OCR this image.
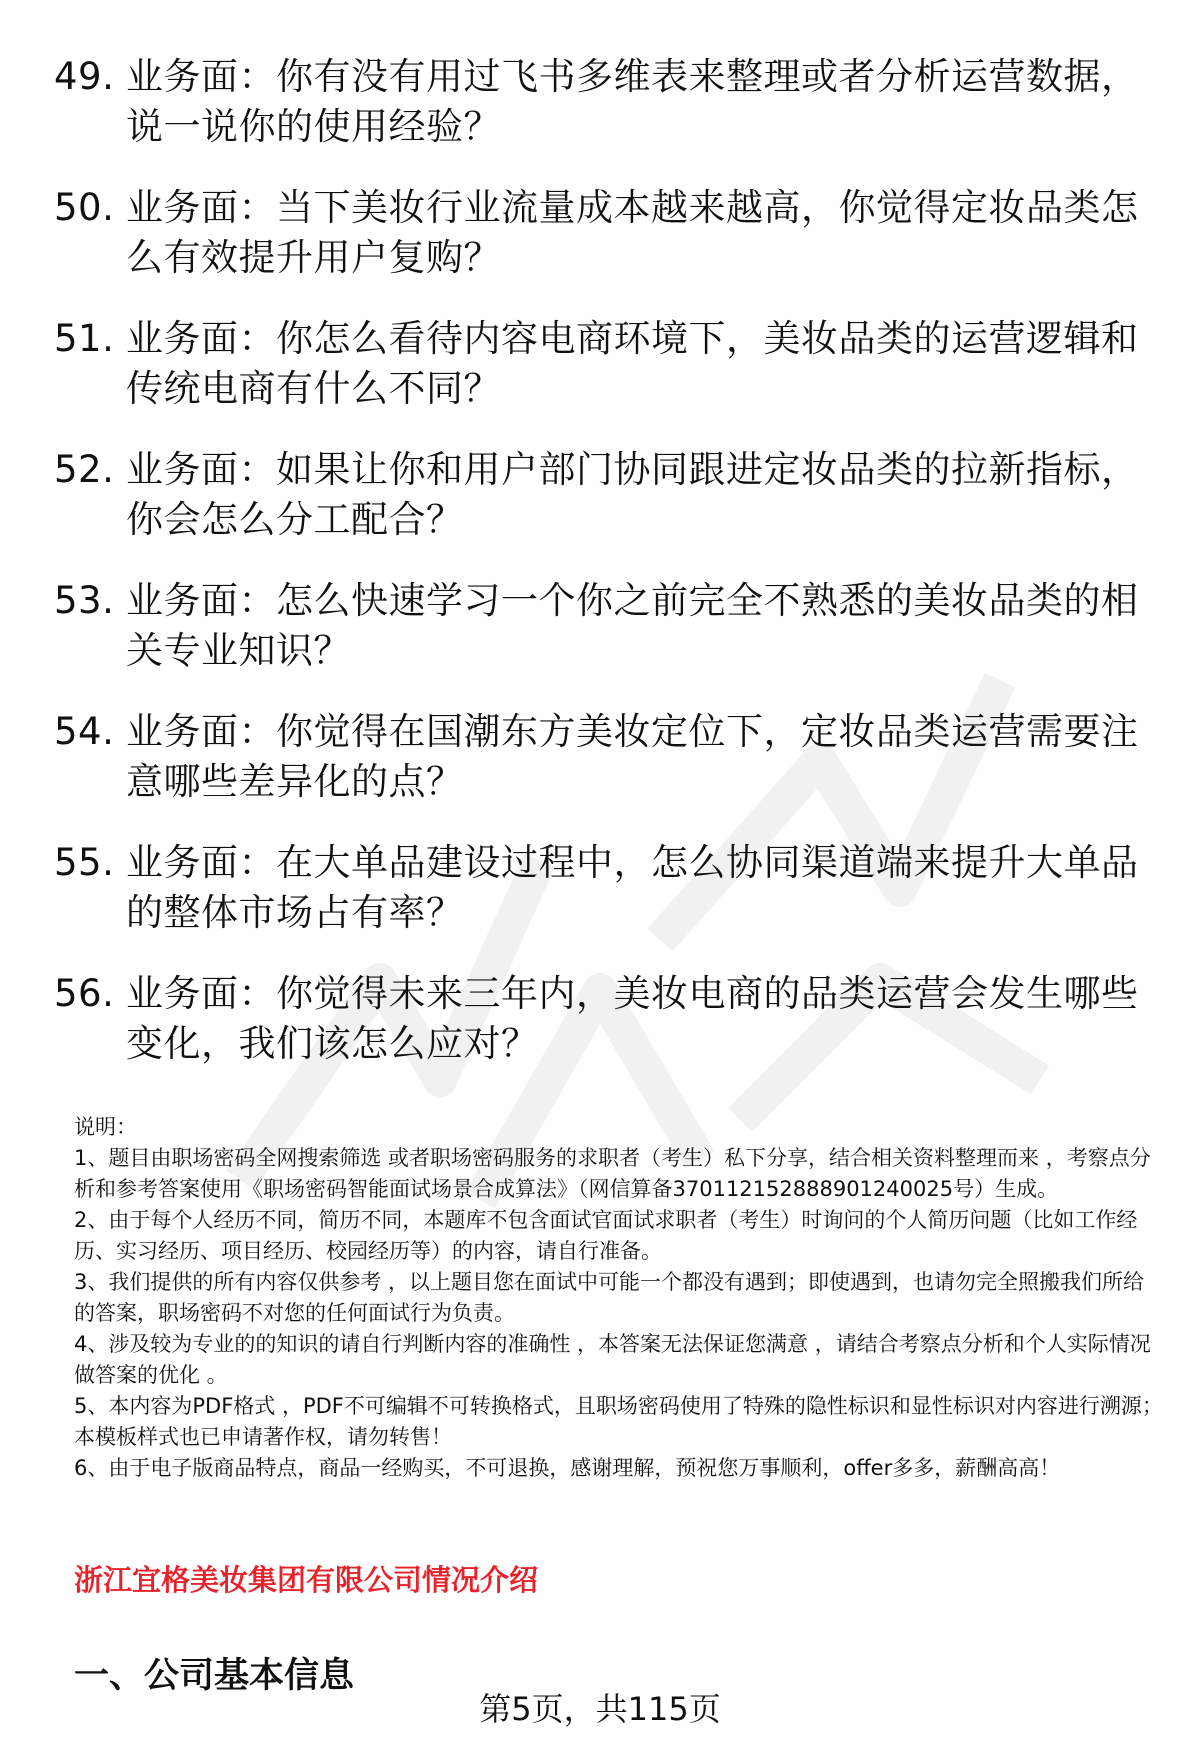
49. 业务面：你有没有用过飞书多维表来整理或者分析运营数据，说一说你的使用经验？
50. 业务面：当下美妆行业流量成本越来越高，你觉得定妆品类怎么有效提升用户复购？
51. 业务面：你怎么看待内容电商环境下，美妆品类的运营逻辑和传统电商有什么不同？
52. 业务面：如果让你和用户部门协同跟进定妆品类的拉新指标，你会怎么分工配合？
53. 业务面：怎么快速学习一个你之前完全不熟悉的美妆品类的相关专业知识？
54. 业务面：你觉得在国潮东方美妆定位下，定妆品类运营需要注意哪些差异化的点？
55. 业务面：在大单品建设过程中，怎么协同渠道端来提升大单品的整体市场占有率？
56. 业务面：你觉得未来三年内，美妆电商的品类运营会发生哪些变化，我们该怎么应对？

说明：

1、题目由职场密码全网搜索筛选 或者职场密码服务的求职者（考生）私下分享，结合相关资料整理而来 ，考察点分析和参考答案使用《职场密码智能面试场景合成算法》（网信算备370112152888901240025号）生成。

2、由于每个人经历不同，简历不同，本题库不包含面试官面试求职者（考生）时询问的个人简历问题（比如工作经历、实习经历、项目经历、校园经历等）的内容，请自行准备。

3、我们提供的所有内容仅供参考 ，以上题目您在面试中可能一个都没有遇到；即使遇到，也请勿完全照搬我们所给的答案，职场密码不对您的任何面试行为负责。

4、涉及较为专业的的知识的请自行判断内容的准确性 ，本答案无法保证您满意 ，请结合考察点分析和个人实际情况做答案的优化 。

5、本内容为PDF格式 ，PDF不可编辑不可转换格式，且职场密码使用了特殊的隐性标识和显性标识对内容进行溯源；本模板样式也已申请著作权，请勿转售！

6、由于电子版商品特点，商品一经购买，不可退换，感谢理解，预祝您万事顺利，offer多多，薪酬高高！

浙江宜格美妆集团有限公司情况介绍
一、公司基本信息
第5页，共115页
